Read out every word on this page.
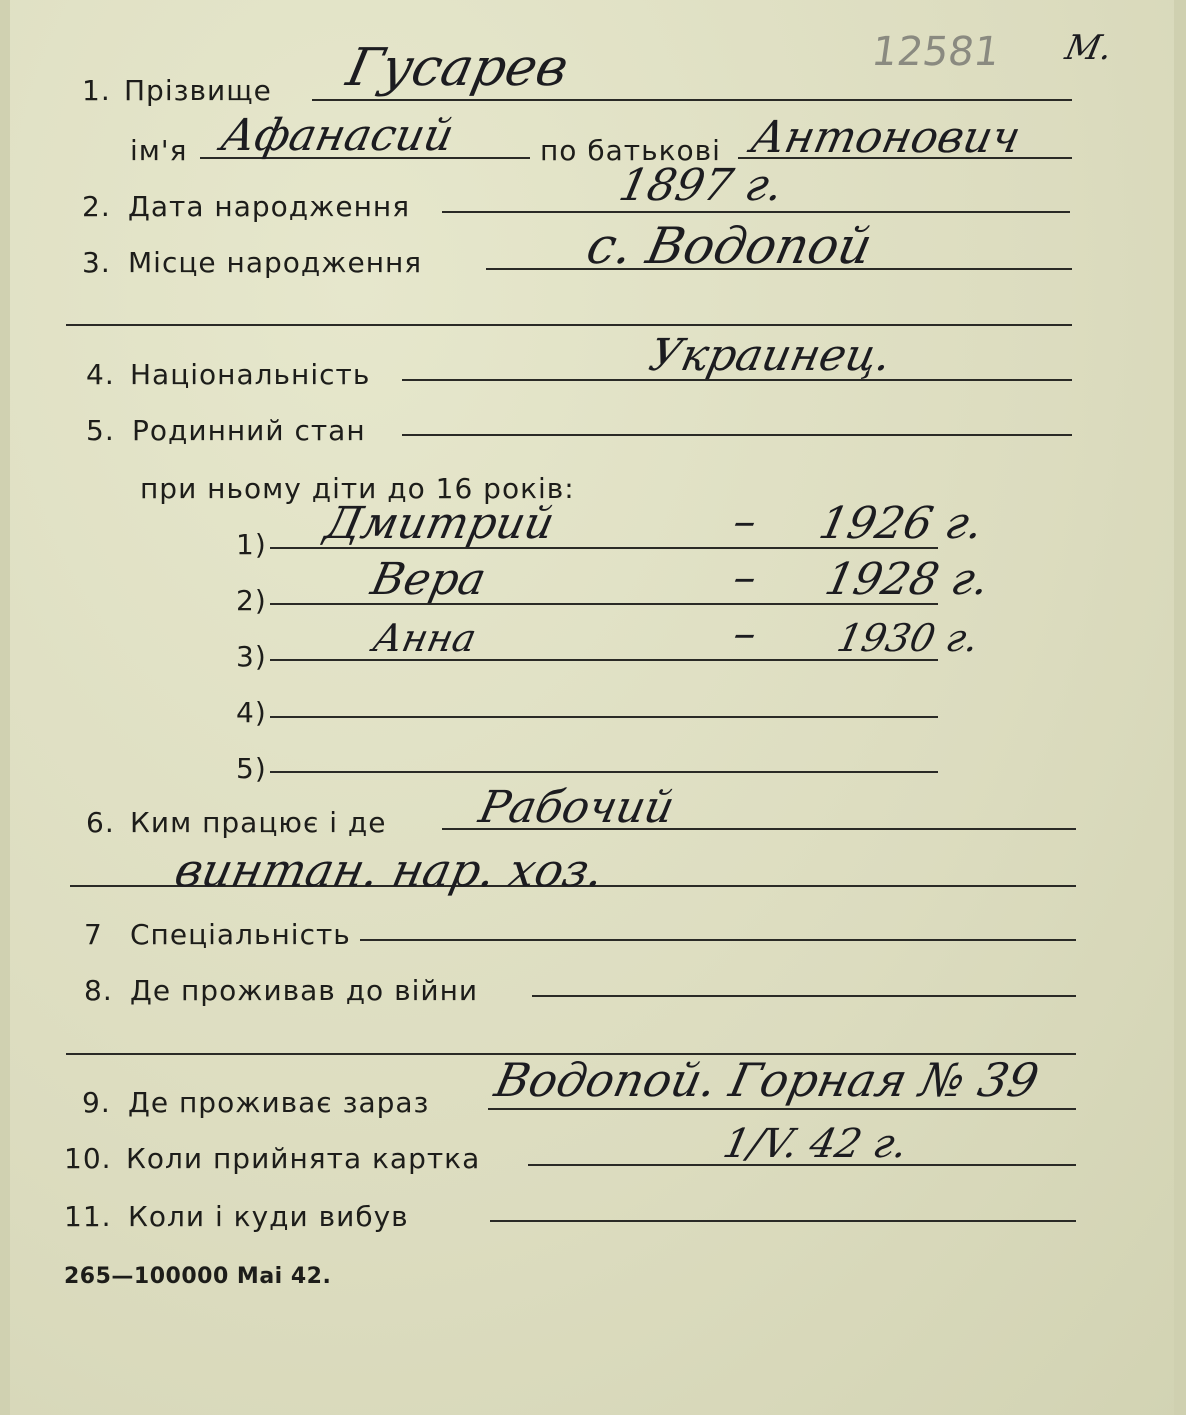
12581 M.
1. Прізвище Гусарев
ім'я Афанасий	по батькові Антонович
2. Дата народження	1897 г.
3. Місце народження	с. Водопой
4. Національність	Украинец.
5. Родинний стан
при ньому діти до 16 років:
1) Дмитрий	– 1926 г.
2) Вера	– 1928 г.
3)	Анна	– 1930 г.
4)
5)
6. Ким працює і де Рабочий
винтан. нар. хоз.
7 Спеціальність
8. Де проживав до війни
9. Де проживає зараз Водопой. Горная № 39
10. Коли прийнята картка	1/V. 42 г.
11. Коли і куди вибув
265—100000 Mai 42.
